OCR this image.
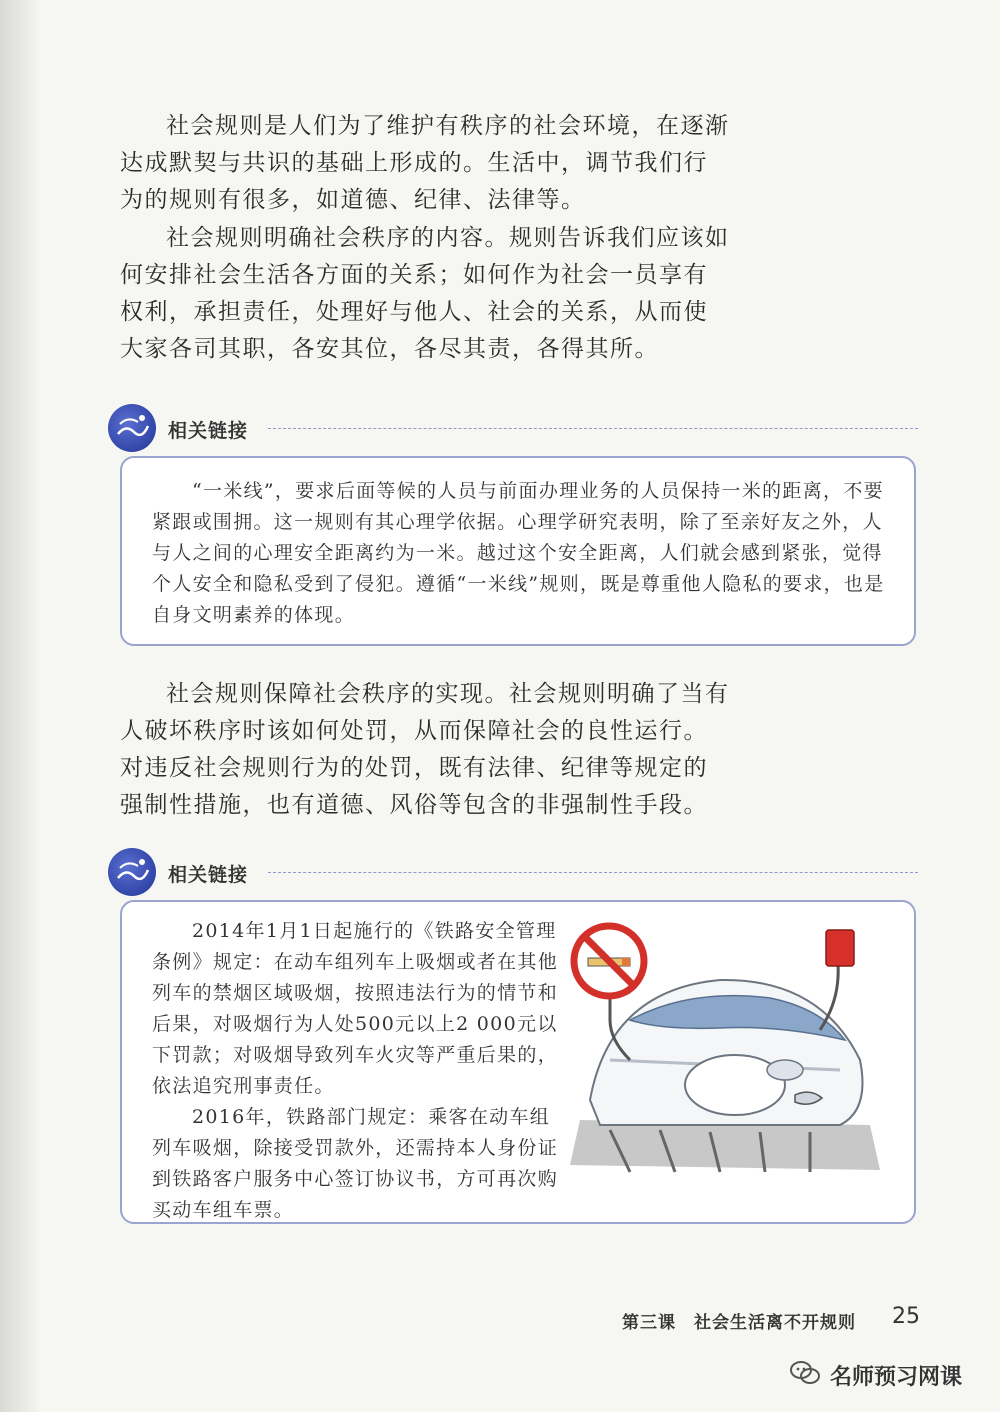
社会规则是人们为了维护有秩序的社会环境，在逐渐达成默契与共识的基础上形成的。生活中，调节我们行为的规则有很多，如道德、纪律、法律等。

社会规则明确社会秩序的内容。规则告诉我们应该如何安排社会生活各方面的关系；如何作为社会一员享有权利，承担责任，处理好与他人、社会的关系，从而使大家各司其职，各安其位，各尽其责，各得其所。

相关链接

“一米线”，要求后面等候的人员与前面办理业务的人员保持一米的距离，不要紧跟或围拥。这一规则有其心理学依据。心理学研究表明，除了至亲好友之外，人与人之间的心理安全距离约为一米。越过这个安全距离，人们就会感到紧张，觉得个人安全和隐私受到了侵犯。遵循“一米线”规则，既是尊重他人隐私的要求，也是自身文明素养的体现。

社会规则保障社会秩序的实现。社会规则明确了当有人破坏秩序时该如何处罚，从而保障社会的良性运行。对违反社会规则行为的处罚，既有法律、纪律等规定的强制性措施，也有道德、风俗等包含的非强制性手段。

相关链接

2014年1月1日起施行的《铁路安全管理条例》规定：在动车组列车上吸烟或者在其他列车的禁烟区域吸烟，按照违法行为的情节和后果，对吸烟行为人处500元以上2 000元以下罚款；对吸烟导致列车火灾等严重后果的，依法追究刑事责任。

2016年，铁路部门规定：乘客在动车组列车吸烟，除接受罚款外，还需持本人身份证到铁路客户服务中心签订协议书，方可再次购买动车组车票。

第三课　社会生活离不开规则 25
名师预习网课
